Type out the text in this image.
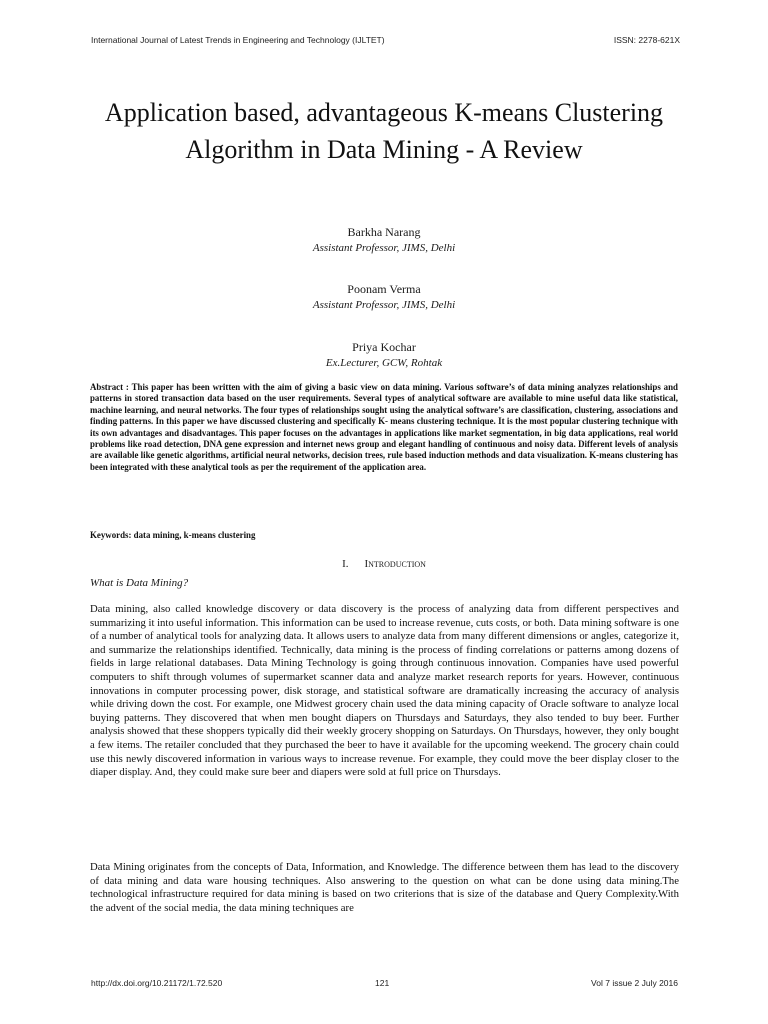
International Journal of Latest Trends in Engineering and Technology (IJLTET)	ISSN: 2278-621X
Application based, advantageous K-means Clustering Algorithm in Data Mining - A Review
Barkha Narang
Assistant Professor, JIMS, Delhi
Poonam Verma
Assistant Professor, JIMS, Delhi
Priya Kochar
Ex.Lecturer, GCW, Rohtak

Abstract : This paper has been written with the aim of giving a basic view on data mining. Various software’s of data mining analyzes relationships and patterns in stored transaction data based on the user requirements. Several types of analytical software are available to mine useful data like statistical, machine learning, and neural networks. The four types of relationships sought using the analytical software’s are classification, clustering, associations and finding patterns. In this paper we have discussed clustering and specifically K- means clustering technique. It is the most popular clustering technique with its own advantages and disadvantages. This paper focuses on the advantages in applications like market segmentation, in big data applications, real world problems like road detection, DNA gene expression and internet news group and elegant handling of continuous and noisy data. Different levels of analysis are available like genetic algorithms, artificial neural networks, decision trees, rule based induction methods and data visualization. K-means clustering has been integrated with these analytical tools as per the requirement of the application area.

Keywords: data mining, k-means clustering

I. Introduction
What is Data Mining?

Data mining, also called knowledge discovery or data discovery is the process of analyzing data from different perspectives and summarizing it into useful information. This information can be used to increase revenue, cuts costs, or both. Data mining software is one of a number of analytical tools for analyzing data. It allows users to analyze data from many different dimensions or angles, categorize it, and summarize the relationships identified. Technically, data mining is the process of finding correlations or patterns among dozens of fields in large relational databases. Data Mining Technology is going through continuous innovation. Companies have used powerful computers to shift through volumes of supermarket scanner data and analyze market research reports for years. However, continuous innovations in computer processing power, disk storage, and statistical software are dramatically increasing the accuracy of analysis while driving down the cost. For example, one Midwest grocery chain used the data mining capacity of Oracle software to analyze local buying patterns. They discovered that when men bought diapers on Thursdays and Saturdays, they also tended to buy beer. Further analysis showed that these shoppers typically did their weekly grocery shopping on Saturdays. On Thursdays, however, they only bought a few items. The retailer concluded that they purchased the beer to have it available for the upcoming weekend. The grocery chain could use this newly discovered information in various ways to increase revenue. For example, they could move the beer display closer to the diaper display. And, they could make sure beer and diapers were sold at full price on Thursdays.

Data Mining originates from the concepts of Data, Information, and Knowledge. The difference between them has lead to the discovery of data mining and data ware housing techniques. Also answering to the question on what can be done using data mining.The technological infrastructure required for data mining is based on two criterions that is size of the database and Query Complexity.With the advent of the social media, the data mining techniques are

http://dx.doi.org/10.21172/1.72.520	121	Vol 7 issue 2 July 2016
